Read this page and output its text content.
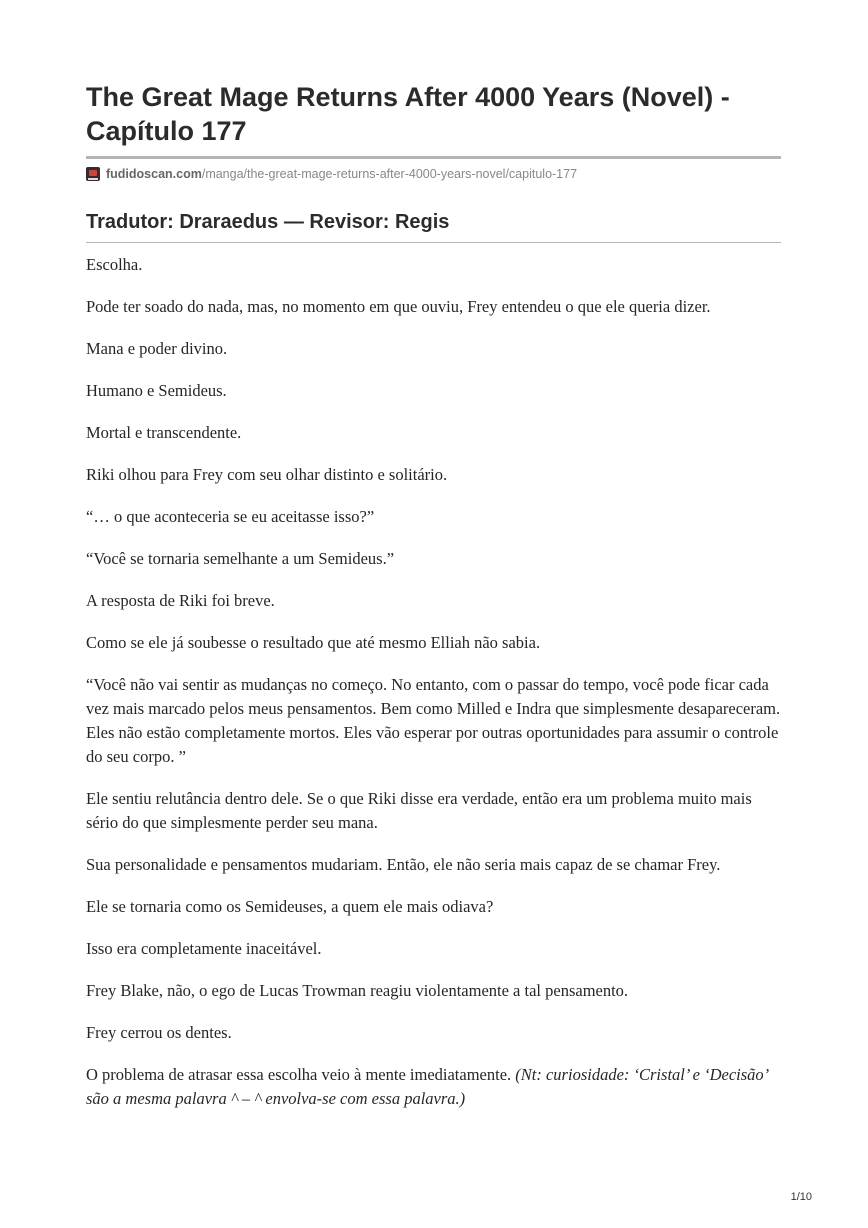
The Great Mage Returns After 4000 Years (Novel) - Capítulo 177
fudidoscan.com /manga/the-great-mage-returns-after-4000-years-novel/capitulo-177
Tradutor: Draraedus — Revisor: Regis

Escolha.

Pode ter soado do nada, mas, no momento em que ouviu, Frey entendeu o que ele queria dizer.

Mana e poder divino.

Humano e Semideus.

Mortal e transcendente.

Riki olhou para Frey com seu olhar distinto e solitário.

“… o que aconteceria se eu aceitasse isso?”

“Você se tornaria semelhante a um Semideus.”

A resposta de Riki foi breve.

Como se ele já soubesse o resultado que até mesmo Elliah não sabia.

“Você não vai sentir as mudanças no começo. No entanto, com o passar do tempo, você pode ficar cada vez mais marcado pelos meus pensamentos. Bem como Milled e Indra que simplesmente desapareceram. Eles não estão completamente mortos. Eles vão esperar por outras oportunidades para assumir o controle do seu corpo. ”

Ele sentiu relutância dentro dele. Se o que Riki disse era verdade, então era um problema muito mais sério do que simplesmente perder seu mana.

Sua personalidade e pensamentos mudariam. Então, ele não seria mais capaz de se chamar Frey.

Ele se tornaria como os Semideuses, a quem ele mais odiava?

Isso era completamente inaceitável.

Frey Blake, não, o ego de Lucas Trowman reagiu violentamente a tal pensamento.

Frey cerrou os dentes.

O problema de atrasar essa escolha veio à mente imediatamente. (Nt: curiosidade: ‘Cristal’ e ‘Decisão’ são a mesma palavra ^ – ^ envolva-se com essa palavra.)

1/10
